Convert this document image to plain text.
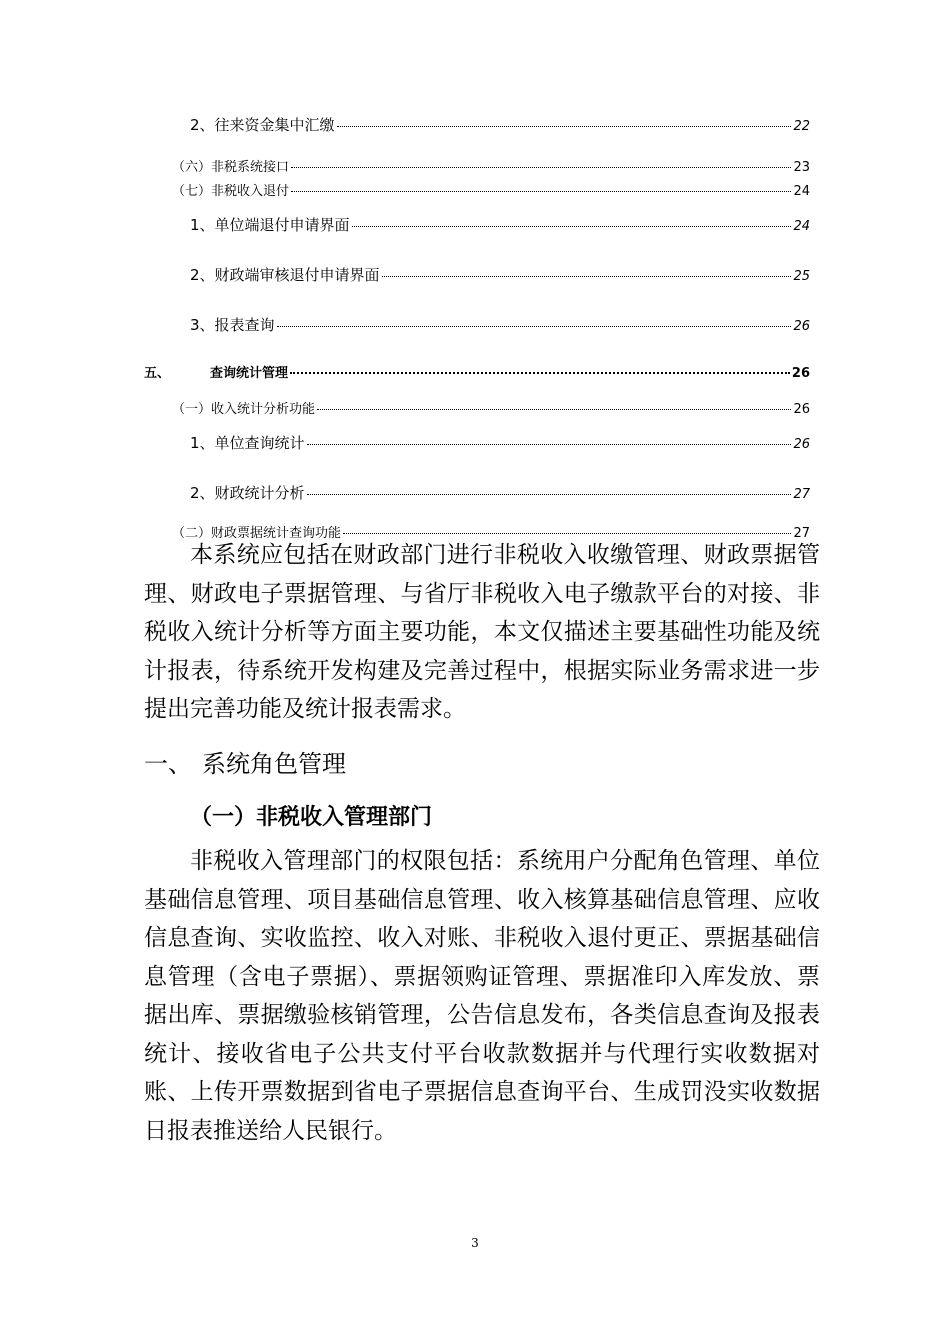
2、往来资金集中汇缴	22
（六）非税系统接口	23
（七）非税收入退付	24
1、单位端退付申请界面	24
2、财政端审核退付申请界面	25
3、报表查询	26
五、	查询统计管理	26
（一）收入统计分析功能	26
1、单位查询统计	26
2、财政统计分析	27
（二）财政票据统计查询功能	27

本系统应包括在财政部门进行非税收入收缴管理、财政票据管理、财政电子票据管理、与省厅非税收入电子缴款平台的对接、非税收入统计分析等方面主要功能，本文仅描述主要基础性功能及统计报表，待系统开发构建及完善过程中，根据实际业务需求进一步提出完善功能及统计报表需求。

一、 系统角色管理
（一）非税收入管理部门

非税收入管理部门的权限包括：系统用户分配角色管理、单位基础信息管理、项目基础信息管理、收入核算基础信息管理、应收信息查询、实收监控、收入对账、非税收入退付更正、票据基础信息管理（含电子票据）、票据领购证管理、票据准印入库发放、票据出库、票据缴验核销管理，公告信息发布，各类信息查询及报表统计、接收省电子公共支付平台收款数据并与代理行实收数据对账、上传开票数据到省电子票据信息查询平台、生成罚没实收数据日报表推送给人民银行。

3
